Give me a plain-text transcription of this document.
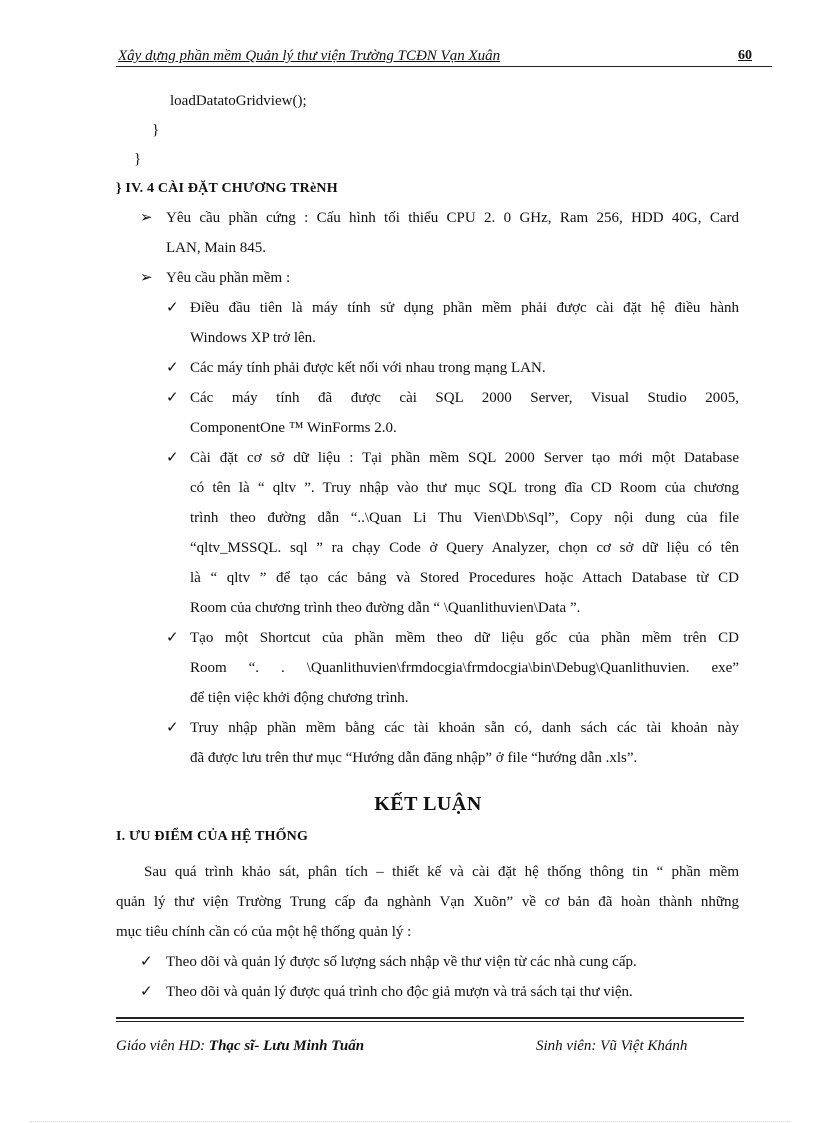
Xây dựng phần mềm Quản lý thư viện Trường TCĐN Vạn Xuân	60
loadDatatoGridview();
}
}
} IV. 4 CÀI ĐẶT CHƯƠNG TRèNH
➢ Yêu cầu phần cứng : Cấu hình tối thiểu CPU 2. 0 GHz, Ram 256, HDD 40G, Card
LAN, Main 845.
➢ Yêu cầu phần mềm :
✓ Điều đầu tiên là máy tính sử dụng phần mềm phải được cài đặt hệ điều hành
Windows XP trở lên.
✓ Các máy tính phải được kết nối với nhau trong mạng LAN.
✓ Các máy tính đã được cài SQL 2000 Server, Visual Studio 2005,
ComponentOne ™ WinForms 2.0.
✓ Cài đặt cơ sở dữ liệu : Tại phần mềm SQL 2000 Server tạo mới một Database
có tên là “ qltv ”. Truy nhập vào thư mục SQL trong đĩa CD Room của chương
trình theo đường dẫn “..\Quan Li Thu Vien\Db\Sql”, Copy nội dung của file
“qltv_MSSQL. sql ” ra chạy Code ở Query Analyzer, chọn cơ sở dữ liệu có tên
là “ qltv ” để tạo các bảng và Stored Procedures hoặc Attach Database từ CD
Room của chương trình theo đường dẫn “ \Quanlithuvien\Data ”.
✓ Tạo một Shortcut của phần mềm theo dữ liệu gốc của phần mềm trên CD
Room “. . \Quanlithuvien\frmdocgia\frmdocgia\bin\Debug\Quanlithuvien. exe”
để tiện việc khởi động chương trình.
✓ Truy nhập phần mềm bằng các tài khoản sẵn có, danh sách các tài khoản này
đã được lưu trên thư mục “Hướng dẫn đăng nhập” ở file “hướng dẫn .xls”.
KẾT LUẬN
I. ƯU ĐIỂM CỦA HỆ THỐNG
Sau quá trình khảo sát, phân tích – thiết kế và cài đặt hệ thống thông tin “ phần mềm
quản lý thư viện Trường Trung cấp đa nghành Vạn Xuõn” về cơ bản đã hoàn thành những
mục tiêu chính cần có của một hệ thống quản lý :
✓ Theo dõi và quản lý được số lượng sách nhập về thư viện từ các nhà cung cấp.
✓ Theo dõi và quản lý được quá trình cho độc giả mượn và trả sách tại thư viện.
Giáo viên HD: Thạc sĩ- Lưu Minh Tuấn	Sinh viên: Vũ Việt Khánh
